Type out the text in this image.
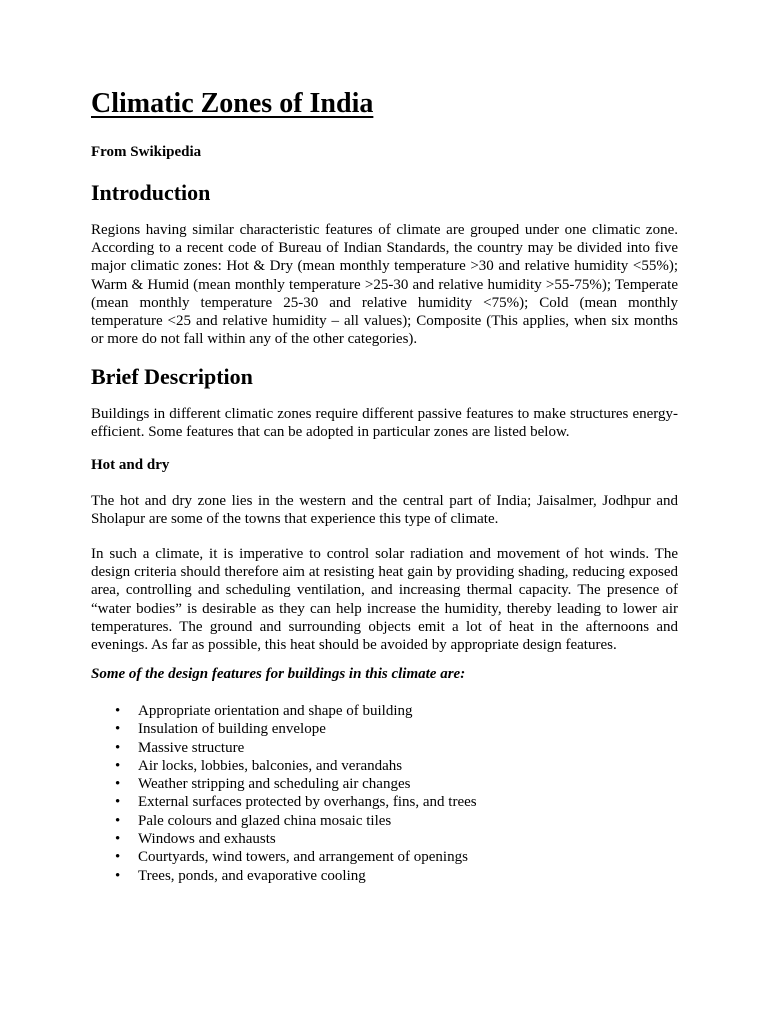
Climatic Zones of India

From Swikipedia

Introduction

Regions having similar characteristic features of climate are grouped under one climatic zone. According to a recent code of Bureau of Indian Standards, the country may be divided into five major climatic zones: Hot & Dry (mean monthly temperature >30 and relative humidity <55%); Warm & Humid (mean monthly temperature >25-30 and relative humidity >55-75%); Temperate (mean monthly temperature 25-30 and relative humidity <75%); Cold (mean monthly temperature <25 and relative humidity – all values); Composite (This applies, when six months or more do not fall within any of the other categories).

Brief Description

Buildings in different climatic zones require different passive features to make structures energy-efficient. Some features that can be adopted in particular zones are listed below.

Hot and dry

The hot and dry zone lies in the western and the central part of India; Jaisalmer, Jodhpur and Sholapur are some of the towns that experience this type of climate.

In such a climate, it is imperative to control solar radiation and movement of hot winds. The design criteria should therefore aim at resisting heat gain by providing shading, reducing exposed area, controlling and scheduling ventilation, and increasing thermal capacity. The presence of “water bodies” is desirable as they can help increase the humidity, thereby leading to lower air temperatures. The ground and surrounding objects emit a lot of heat in the afternoons and evenings. As far as possible, this heat should be avoided by appropriate design features.

Some of the design features for buildings in this climate are:

• Appropriate orientation and shape of building
• Insulation of building envelope
• Massive structure
• Air locks, lobbies, balconies, and verandahs
• Weather stripping and scheduling air changes
• External surfaces protected by overhangs, fins, and trees
• Pale colours and glazed china mosaic tiles
• Windows and exhausts
• Courtyards, wind towers, and arrangement of openings
• Trees, ponds, and evaporative cooling
